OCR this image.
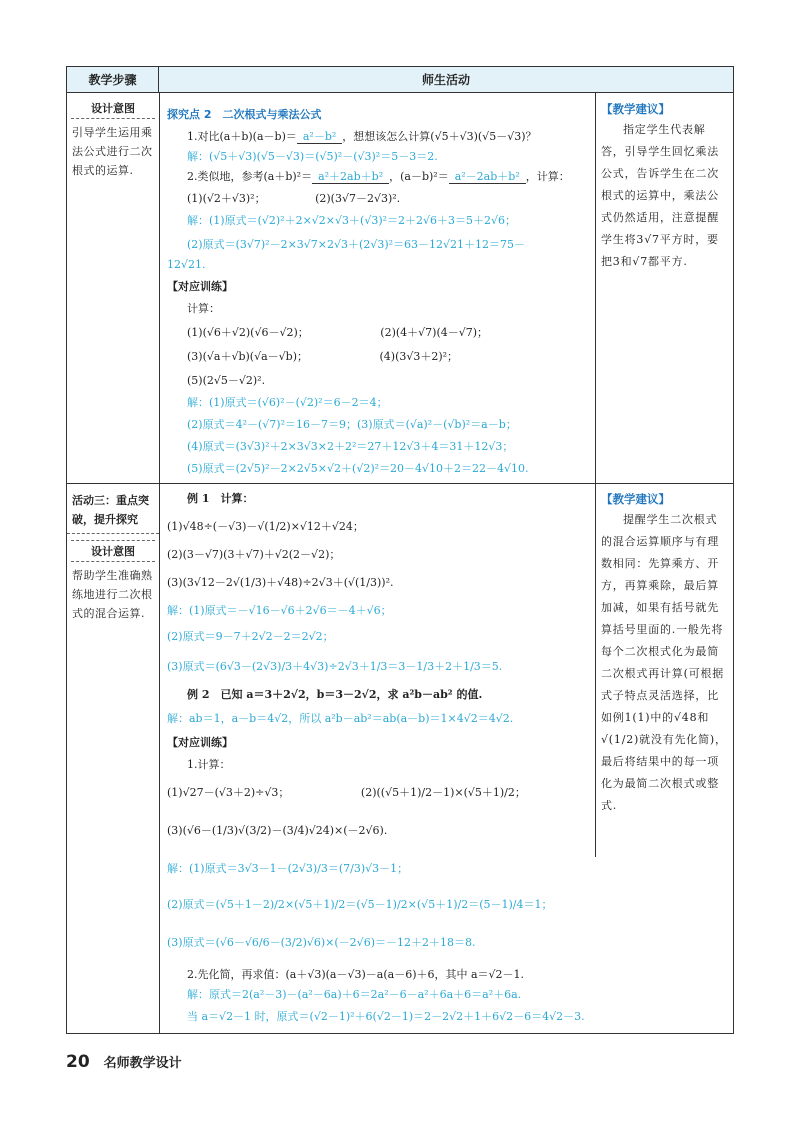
教学步骤	师生活动
设计意图
引导学生运用乘
法公式进行二次
根式的运算.
探究点 2　二次根式与乘法公式
1.对比(a＋b)(a－b)＝ a²－b² ，想想该怎么计算(√5＋√3)(√5－√3)？
解：(√5＋√3)(√5－√3)＝(√5)²－(√3)²＝5－3＝2.
2.类似地，参考(a＋b)²＝ a²＋2ab＋b² ，(a－b)²＝ a²－2ab＋b² ，计算：
(1)(√2＋√3)²；　　　　　(2)(3√7－2√3)².
解：(1)原式＝(√2)²＋2×√2×√3＋(√3)²＝2＋2√6＋3＝5＋2√6；
(2)原式＝(3√7)²－2×3√7×2√3＋(2√3)²＝63－12√21＋12＝75－
12√21.
【对应训练】
计算：
(1)(√6＋√2)(√6－√2)；　　　　　　　(2)(4＋√7)(4－√7)；
(3)(√a＋√b)(√a－√b)；　　　　　　　(4)(3√3＋2)²；
(5)(2√5－√2)².
解：(1)原式＝(√6)²－(√2)²＝6－2＝4；
(2)原式＝4²－(√7)²＝16－7＝9；(3)原式＝(√a)²－(√b)²＝a－b；
(4)原式＝(3√3)²＋2×3√3×2＋2²＝27＋12√3＋4＝31＋12√3；
(5)原式＝(2√5)²－2×2√5×√2＋(√2)²＝20－4√10＋2＝22－4√10.
【教学建议】
指定学生代表解答，引导学生回忆乘法公式，告诉学生在二次根式的运算中，乘法公式仍然适用，注意提醒学生将3√7平方时，要把3和√7都平方.
活动三：重点突破，提升探究
设计意图
帮助学生准确熟
练地进行二次根
式的混合运算.
例 1　计算：
(1)√48÷(－√3)－√(1/2)×√12＋√24；
(2)(3－√7)(3＋√7)＋√2(2－√2)；
(3)(3√12－2√(1/3)＋√48)÷2√3＋(√(1/3))².
解：(1)原式＝－√16－√6＋2√6＝－4＋√6；
(2)原式＝9－7＋2√2－2＝2√2；
(3)原式＝(6√3－(2√3)/3＋4√3)÷2√3＋1/3＝3－1/3＋2＋1/3＝5.
例 2　已知 a＝3＋2√2，b＝3－2√2，求 a²b－ab² 的值.
解：ab＝1，a－b＝4√2，所以 a²b－ab²＝ab(a－b)＝1×4√2＝4√2.
【对应训练】
1.计算：
(1)√27－(√3＋2)÷√3；　　　　　　　(2)((√5＋1)/2－1)×(√5＋1)/2；
(3)(√6－(1/3)√(3/2)－(3/4)√24)×(－2√6).
解：(1)原式＝3√3－1－(2√3)/3＝(7/3)√3－1；
(2)原式＝(√5＋1－2)/2×(√5＋1)/2＝(√5－1)/2×(√5＋1)/2＝(5－1)/4＝1；
(3)原式＝(√6－√6/6－(3/2)√6)×(－2√6)＝－12＋2＋18＝8.
2.先化简，再求值：(a＋√3)(a－√3)－a(a－6)＋6，其中 a＝√2－1.
解：原式＝2(a²－3)－(a²－6a)＋6＝2a²－6－a²＋6a＋6＝a²＋6a.
当 a＝√2－1 时，原式＝(√2－1)²＋6(√2－1)＝2－2√2＋1＋6√2－6＝4√2－3.
【教学建议】
提醒学生二次根式的混合运算顺序与有理数相同：先算乘方、开方，再算乘除，最后算加减，如果有括号就先算括号里面的.一般先将每个二次根式化为最简二次根式再计算(可根据式子特点灵活选择，比如例1(1)中的√48和√(1/2)就没有先化简)，最后将结果中的每一项化为最简二次根式或整式.
20 名师教学设计
